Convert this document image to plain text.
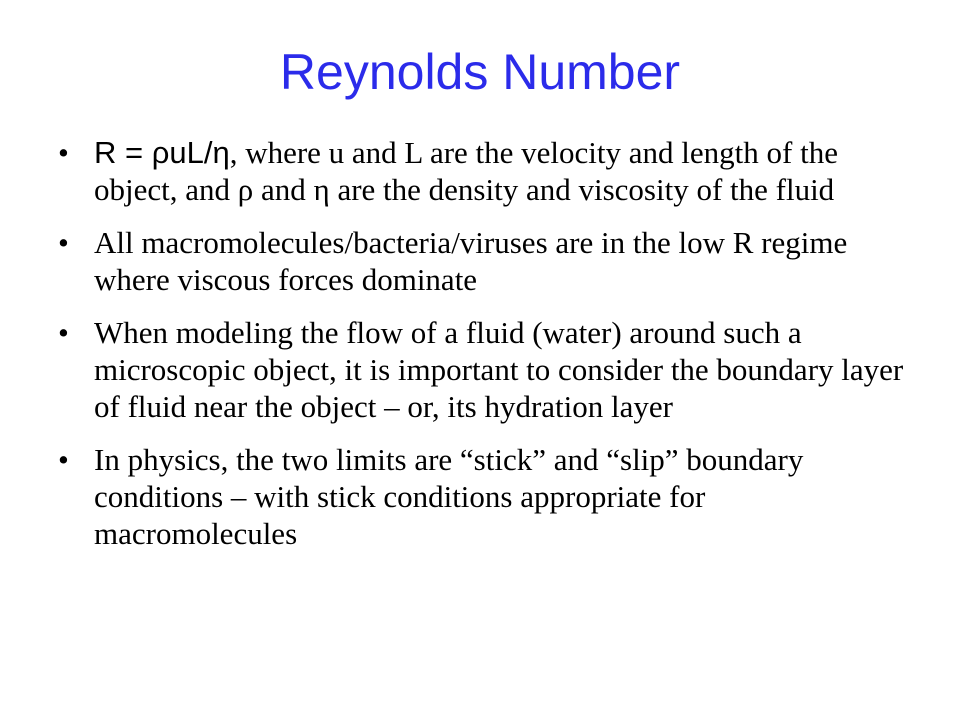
Reynolds Number
• R = ρuL/η, where u and L are the velocity and length of the object, and ρ and η are the density and viscosity of the fluid
• All macromolecules/bacteria/viruses are in the low R regime where viscous forces dominate
• When modeling the flow of a fluid (water) around such a microscopic object, it is important to consider the boundary layer of fluid near the object – or, its hydration layer
• In physics, the two limits are “stick” and “slip” boundary conditions – with stick conditions appropriate for macromolecules
